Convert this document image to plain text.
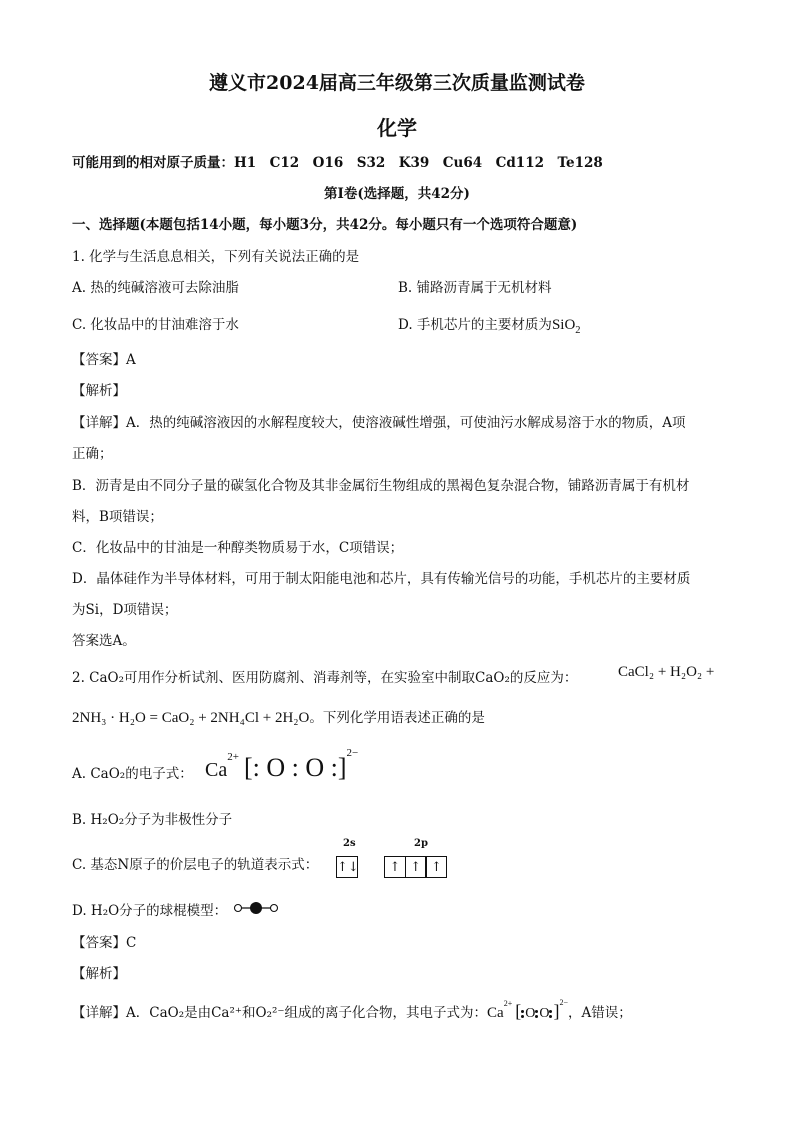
遵义市2024届高三年级第三次质量监测试卷
化学
可能用到的相对原子质量：H1　C12　O16　S32　K39　Cu64　Cd112　Te128
第Ⅰ卷(选择题，共42分)
一、选择题(本题包括14小题，每小题3分，共42分。每小题只有一个选项符合题意)
1. 化学与生活息息相关，下列有关说法正确的是
A. 热的纯碱溶液可去除油脂	B. 铺路沥青属于无机材料
C. 化妆品中的甘油难溶于水	D. 手机芯片的主要材质为SiO$_2$
【答案】A
【解析】
【详解】A．热的纯碱溶液因的水解程度较大，使溶液碱性增强，可使油污水解成易溶于水的物质，A项
正确；
B．沥青是由不同分子量的碳氢化合物及其非金属衍生物组成的黑褐色复杂混合物，铺路沥青属于有机材
料，B项错误；
C．化妆品中的甘油是一种醇类物质易于水，C项错误；
D．晶体硅作为半导体材料，可用于制太阳能电池和芯片，具有传输光信号的功能，手机芯片的主要材质
为Si，D项错误；
答案选A。
2. CaO₂可用作分析试剂、医用防腐剂、消毒剂等，在实验室中制取CaO₂的反应为：	CaCl₂ + H₂O₂ +
2NH₃ · H₂O = CaO₂ + 2NH₄Cl + 2H₂O。下列化学用语表述正确的是
A. CaO₂的电子式： $Ca^{2+}$ [: O : O :]$^{2-}$
B. H₂O₂分子为非极性分子
C. 基态N原子的价层电子的轨道表示式：
2s	2p
↑↓	↑ ↑ ↑
D. H₂O分子的球棍模型：
【答案】C
【解析】
【详解】A．CaO₂是由Ca²⁺和O₂²⁻组成的离子化合物，其电子式为：$Ca^{2+}$ [ O O ]$^{2-}$，A错误；
